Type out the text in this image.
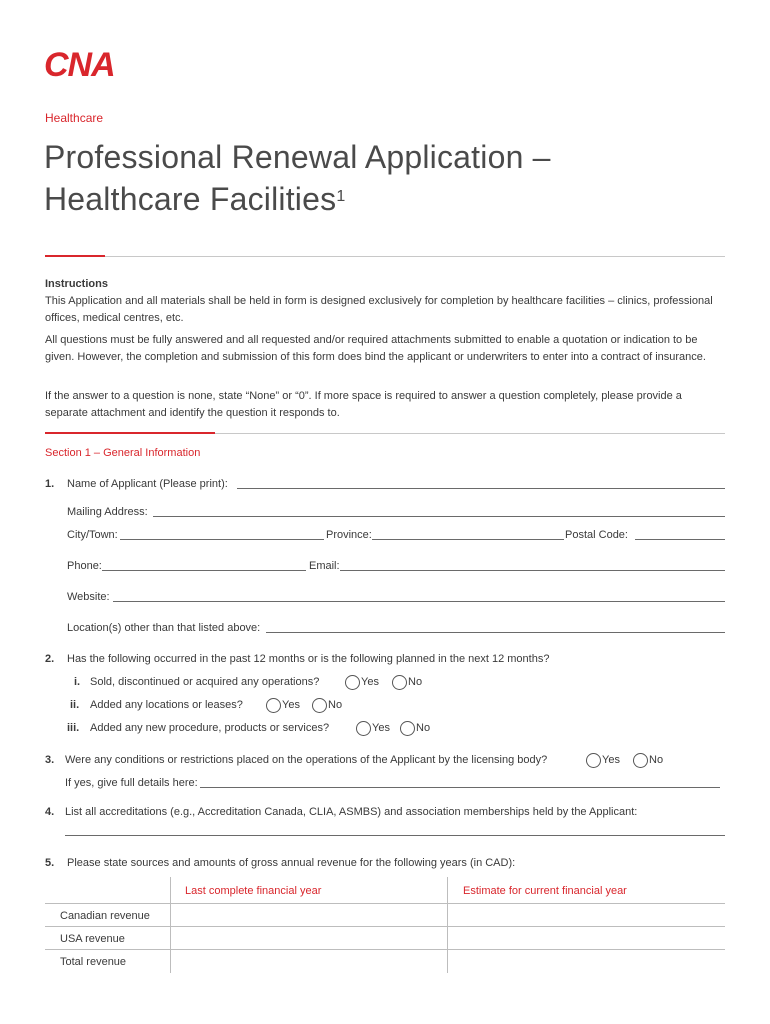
CNA
Healthcare
Professional Renewal Application –
Healthcare Facilities$^1$
Instructions
This Application and all materials shall be held in form is designed exclusively for completion by healthcare facilities – clinics, professional offices, medical centres, etc.
All questions must be fully answered and all requested and/or required attachments submitted to enable a quotation or indication to be given. However, the completion and submission of this form does bind the applicant or underwriters to enter into a contract of insurance.
If the answer to a question is none, state “None” or “0”. If more space is required to answer a question completely, please provide a separate attachment and identify the question it responds to.
Section 1 – General Information
1. Name of Applicant (Please print):
Mailing Address:
City/Town:	Province:	Postal Code:
Phone:	Email:
Website:
Location(s) other than that listed above:
2. Has the following occurred in the past 12 months or is the following planned in the next 12 months?
i. Sold, discontinued or acquired any operations?	Yes	No
ii. Added any locations or leases?	Yes	No
iii. Added any new procedure, products or services?	Yes No
3. Were any conditions or restrictions placed on the operations of the Applicant by the licensing body?	Yes	No
If yes, give full details here:
4. List all accreditations (e.g., Accreditation Canada, CLIA, ASMBS) and association memberships held by the Applicant:
5. Please state sources and amounts of gross annual revenue for the following years (in CAD):
Last complete financial year	Estimate for current financial year
Canadian revenue
USA revenue
Total revenue
